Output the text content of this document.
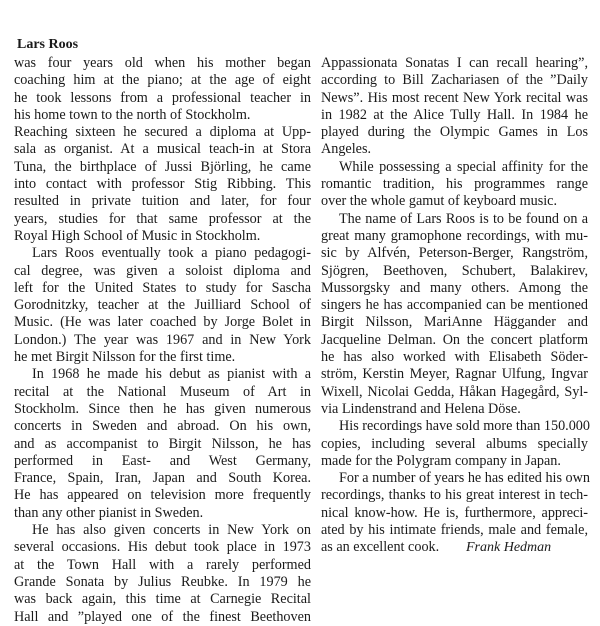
Lars Roos
was four years old when his mother began
coaching him at the piano; at the age of eight
he took lessons from a professional teacher in
his home town to the north of Stockholm.
Reaching sixteen he secured a diploma at Upp-
sala as organist. At a musical teach-in at Stora
Tuna, the birthplace of Jussi Björling, he came
into contact with professor Stig Ribbing. This
resulted in private tuition and later, for four
years, studies for that same professor at the
Royal High School of Music in Stockholm.
Lars Roos eventually took a piano pedagogi-
cal degree, was given a soloist diploma and
left for the United States to study for Sascha
Gorodnitzky, teacher at the Juilliard School of
Music. (He was later coached by Jorge Bolet in
London.) The year was 1967 and in New York
he met Birgit Nilsson for the first time.
In 1968 he made his debut as pianist with a
recital at the National Museum of Art in
Stockholm. Since then he has given numerous
concerts in Sweden and abroad. On his own,
and as accompanist to Birgit Nilsson, he has
performed in East- and West Germany,
France, Spain, Iran, Japan and South Korea.
He has appeared on television more frequently
than any other pianist in Sweden.
He has also given concerts in New York on
several occasions. His debut took place in 1973
at the Town Hall with a rarely performed
Grande Sonata by Julius Reubke. In 1979 he
was back again, this time at Carnegie Recital
Hall and ”played one of the finest Beethoven
Appassionata Sonatas I can recall hearing”,
according to Bill Zachariasen of the ”Daily
News”. His most recent New York recital was
in 1982 at the Alice Tully Hall. In 1984 he
played during the Olympic Games in Los
Angeles.
While possessing a special affinity for the
romantic tradition, his programmes range
over the whole gamut of keyboard music.
The name of Lars Roos is to be found on a
great many gramophone recordings, with mu-
sic by Alfvén, Peterson-Berger, Rangström,
Sjögren, Beethoven, Schubert, Balakirev,
Mussorgsky and many others. Among the
singers he has accompanied can be mentioned
Birgit Nilsson, MariAnne Häggander and
Jacqueline Delman. On the concert platform
he has also worked with Elisabeth Söder-
ström, Kerstin Meyer, Ragnar Ulfung, Ingvar
Wixell, Nicolai Gedda, Håkan Hagegård, Syl-
via Lindenstrand and Helena Döse.
His recordings have sold more than 150.000
copies, including several albums specially
made for the Polygram company in Japan.
For a number of years he has edited his own
recordings, thanks to his great interest in tech-
nical know-how. He is, furthermore, appreci-
ated by his intimate friends, male and female,
as an excellent cook.	Frank Hedman
